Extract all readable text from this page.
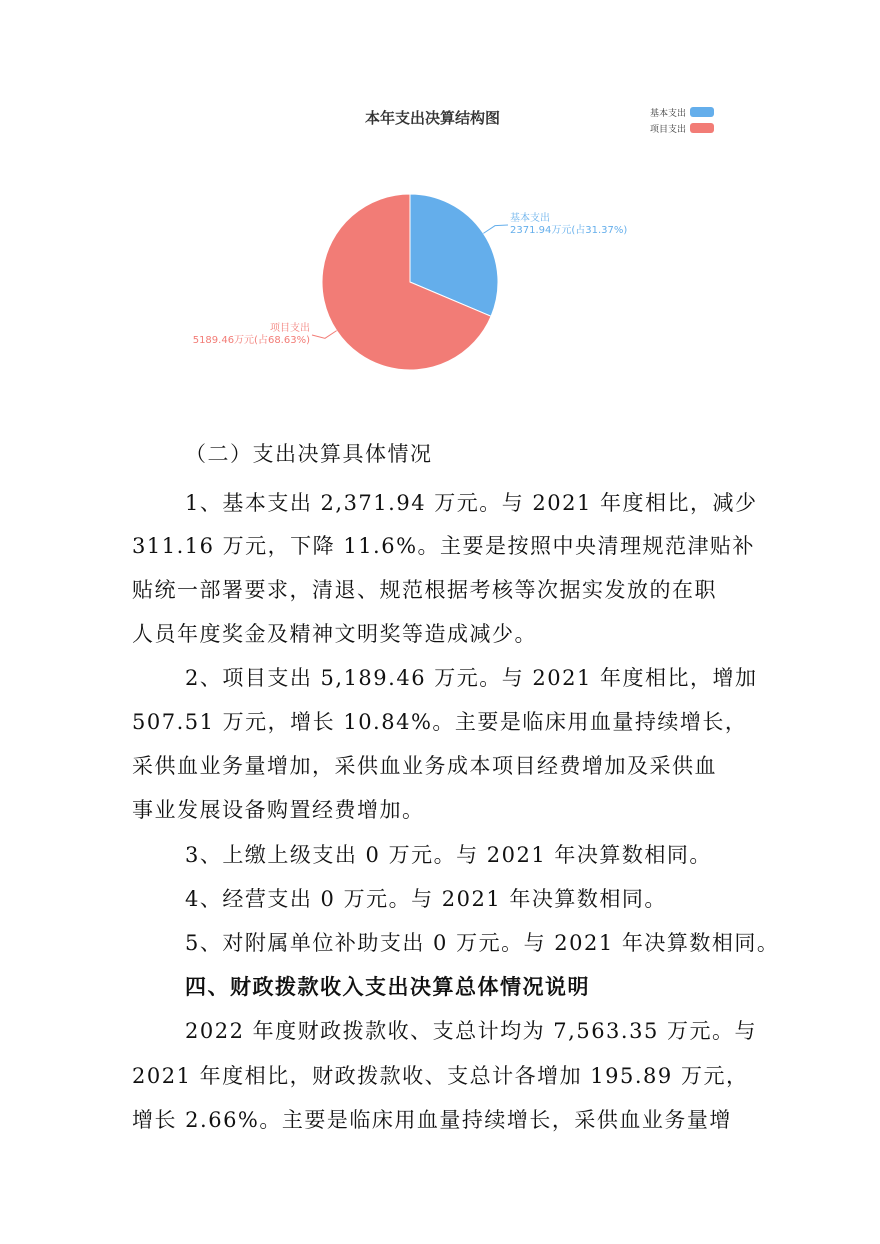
本年支出决算结构图	基本支出
项目支出
基本支出
2371.94万元(占31.37%)
项目支出
5189.46万元(占68.63%)
（二）支出决算具体情况
1、基本支出 2,371.94 万元。与 2021 年度相比，减少
311.16 万元，下降 11.6%。主要是按照中央清理规范津贴补
贴统一部署要求，清退、规范根据考核等次据实发放的在职
人员年度奖金及精神文明奖等造成减少。
2、项目支出 5,189.46 万元。与 2021 年度相比，增加
507.51 万元，增长 10.84%。主要是临床用血量持续增长，
采供血业务量增加，采供血业务成本项目经费增加及采供血
事业发展设备购置经费增加。
3、上缴上级支出 0 万元。与 2021 年决算数相同。
4、经营支出 0 万元。与 2021 年决算数相同。
5、对附属单位补助支出 0 万元。与 2021 年决算数相同。
四、财政拨款收入支出决算总体情况说明
2022 年度财政拨款收、支总计均为 7,563.35 万元。与
2021 年度相比，财政拨款收、支总计各增加 195.89 万元，
增长 2.66%。主要是临床用血量持续增长，采供血业务量增
